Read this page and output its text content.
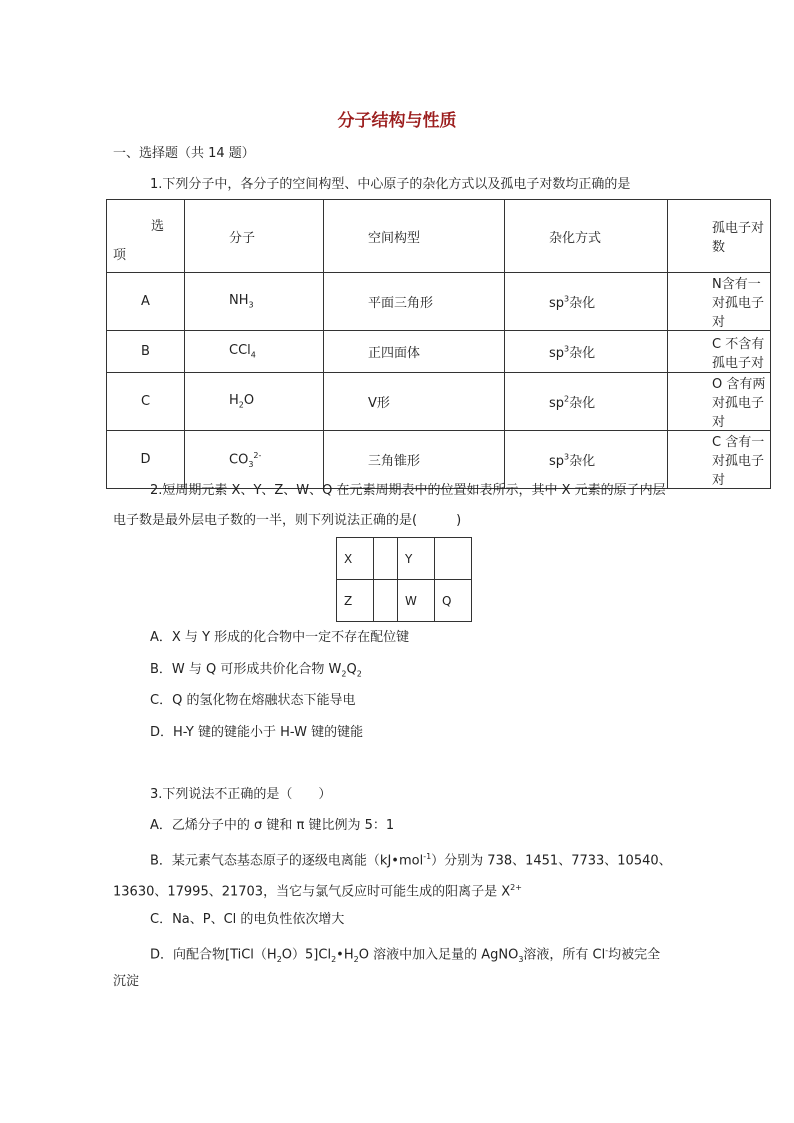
分子结构与性质
一、选择题（共 14 题）
1.下列分子中，各分子的空间构型、中心原子的杂化方式以及孤电子对数均正确的是
选
项	分子	空间构型	杂化方式	孤电子对数
A	$NH_3$	平面三角形	$sp^3$杂化	N含有一对孤电子对
B	CCl$_4$	正四面体	$sp^3$杂化	C 不含有孤电子对
C	$H_2O$	V形	$sp^2$杂化	O 含有两对孤电子对
D	$CO_3^{2-}$	三角锥形	$sp^3$杂化	C 含有一对孤电子对
2.短周期元素 X、Y、Z、W、Q 在元素周期表中的位置如表所示，其中 X 元素的原子内层
电子数是最外层电子数的一半，则下列说法正确的是(　　　)
X		Y	
Z		W	Q
A．X 与 Y 形成的化合物中一定不存在配位键
B．W 与 Q 可形成共价化合物 $W_2Q_2$
C．Q 的氢化物在熔融状态下能导电
D．H-Y 键的键能小于 H-W 键的键能
3.下列说法不正确的是（　　）
A．乙烯分子中的 σ 键和 π 键比例为 5：1
B．某元素气态基态原子的逐级电离能（kJ•mol$^{-1}$）分别为 738、1451、7733、10540、
13630、17995、21703，当它与氯气反应时可能生成的阳离子是 $X^{2+}$
C．Na、P、Cl 的电负性依次增大
D．向配合物$[TiCl(H_2O)5]Cl_2•H_2O$ 溶液中加入足量的 AgNO$_3$溶液，所有 Cl-均被完全
沉淀
